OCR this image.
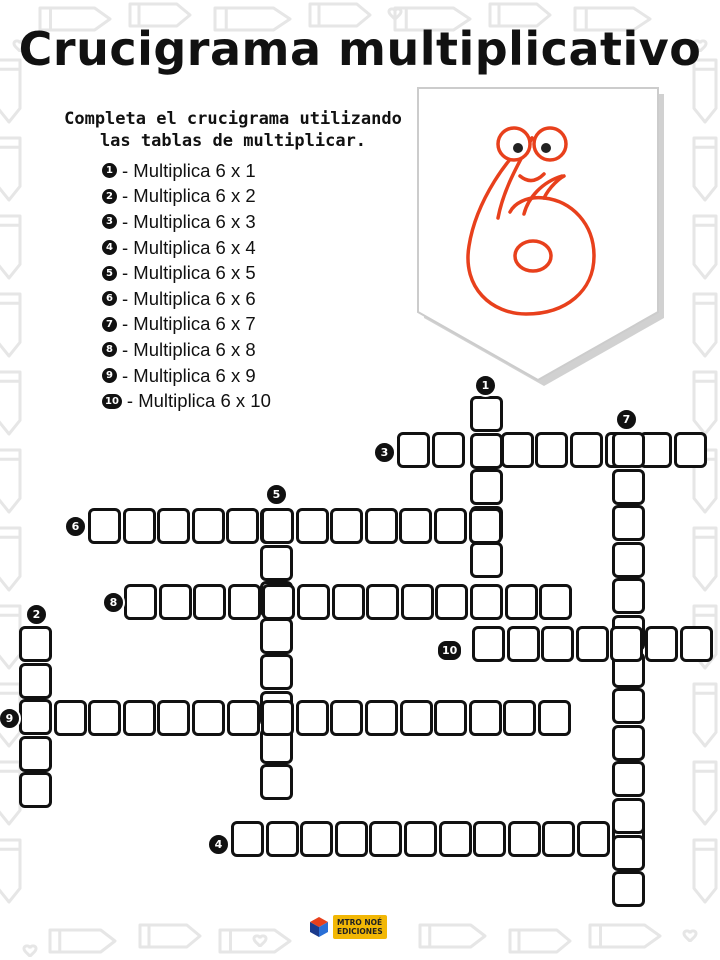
Crucigrama multiplicativo
Completa el crucigrama utilizando las tablas de multiplicar.
1 - Multiplica 6 x 1
2 - Multiplica 6 x 2
3 - Multiplica 6 x 3
4 - Multiplica 6 x 4
5 - Multiplica 6 x 5
6 - Multiplica 6 x 6
7 - Multiplica 6 x 7
8 - Multiplica 6 x 8
9 - Multiplica 6 x 9
10 - Multiplica 6 x 10
1
2
3
4
5
6
7
8
9
10
MTRO NOÉ
EDICIONES
